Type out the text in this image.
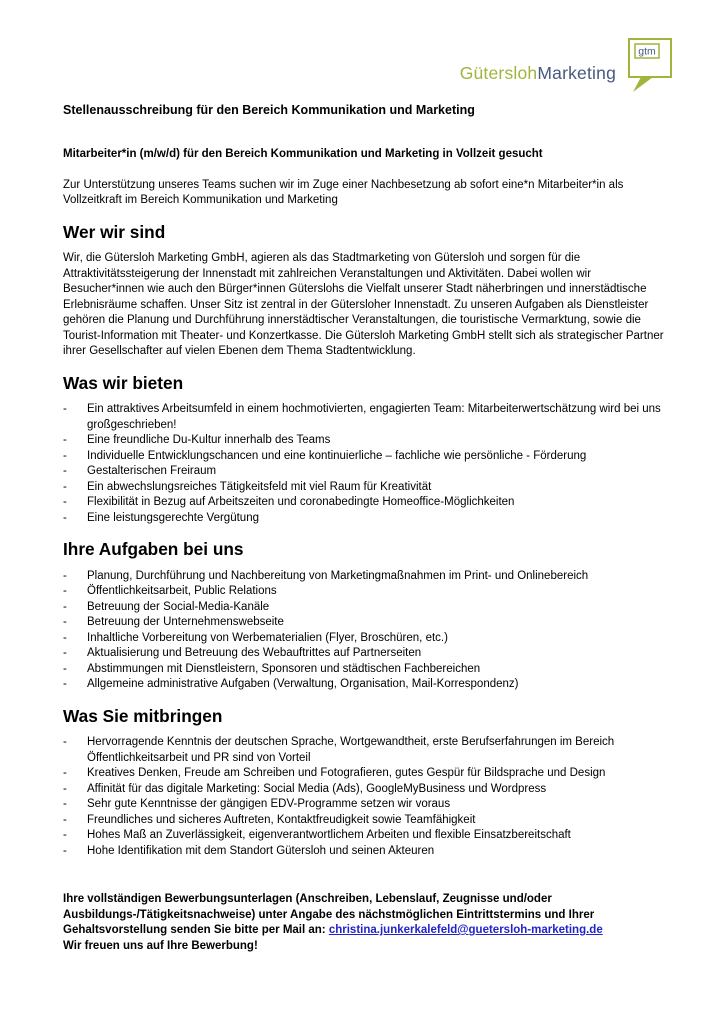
GüterslohMarketing
gtm
Stellenausschreibung für den Bereich Kommunikation und Marketing

Mitarbeiter*in (m/w/d) für den Bereich Kommunikation und Marketing in Vollzeit gesucht

Zur Unterstützung unseres Teams suchen wir im Zuge einer Nachbesetzung ab sofort eine*n Mitarbeiter*in als Vollzeitkraft im Bereich Kommunikation und Marketing

Wer wir sind

Wir, die Gütersloh Marketing GmbH, agieren als das Stadtmarketing von Gütersloh und sorgen für die Attraktivitätssteigerung der Innenstadt mit zahlreichen Veranstaltungen und Aktivitäten. Dabei wollen wir Besucher*innen wie auch den Bürger*innen Güterslohs die Vielfalt unserer Stadt näherbringen und innerstädtische Erlebnisräume schaffen. Unser Sitz ist zentral in der Gütersloher Innenstadt. Zu unseren Aufgaben als Dienstleister gehören die Planung und Durchführung innerstädtischer Veranstaltungen, die touristische Vermarktung, sowie die Tourist-Information mit Theater- und Konzertkasse. Die Gütersloh Marketing GmbH stellt sich als strategischer Partner ihrer Gesellschafter auf vielen Ebenen dem Thema Stadtentwicklung.

Was wir bieten
-	Ein attraktives Arbeitsumfeld in einem hochmotivierten, engagierten Team: Mitarbeiterwertschätzung wird bei uns großgeschrieben!
-	Eine freundliche Du-Kultur innerhalb des Teams
-	Individuelle Entwicklungschancen und eine kontinuierliche – fachliche wie persönliche - Förderung
-	Gestalterischen Freiraum
-	Ein abwechslungsreiches Tätigkeitsfeld mit viel Raum für Kreativität
-	Flexibilität in Bezug auf Arbeitszeiten und coronabedingte Homeoffice-Möglichkeiten
-	Eine leistungsgerechte Vergütung
Ihre Aufgaben bei uns
-	Planung, Durchführung und Nachbereitung von Marketingmaßnahmen im Print- und Onlinebereich
-	Öffentlichkeitsarbeit, Public Relations
-	Betreuung der Social-Media-Kanäle
-	Betreuung der Unternehmenswebseite
-	Inhaltliche Vorbereitung von Werbematerialien (Flyer, Broschüren, etc.)
-	Aktualisierung und Betreuung des Webauftrittes auf Partnerseiten
-	Abstimmungen mit Dienstleistern, Sponsoren und städtischen Fachbereichen
-	Allgemeine administrative Aufgaben (Verwaltung, Organisation, Mail-Korrespondenz)
Was Sie mitbringen
-	Hervorragende Kenntnis der deutschen Sprache, Wortgewandtheit, erste Berufserfahrungen im Bereich Öffentlichkeitsarbeit und PR sind von Vorteil
-	Kreatives Denken, Freude am Schreiben und Fotografieren, gutes Gespür für Bildsprache und Design
-	Affinität für das digitale Marketing: Social Media (Ads), GoogleMyBusiness und Wordpress
-	Sehr gute Kenntnisse der gängigen EDV-Programme setzen wir voraus
-	Freundliches und sicheres Auftreten, Kontaktfreudigkeit sowie Teamfähigkeit
-	Hohes Maß an Zuverlässigkeit, eigenverantwortlichem Arbeiten und flexible Einsatzbereitschaft
-	Hohe Identifikation mit dem Standort Gütersloh und seinen Akteuren
Ihre vollständigen Bewerbungsunterlagen (Anschreiben, Lebenslauf, Zeugnisse und/oder Ausbildungs-/Tätigkeitsnachweise) unter Angabe des nächstmöglichen Eintrittstermins und Ihrer Gehaltsvorstellung senden Sie bitte per Mail an: christina.junkerkalefeld@guetersloh-marketing.de
Wir freuen uns auf Ihre Bewerbung!
